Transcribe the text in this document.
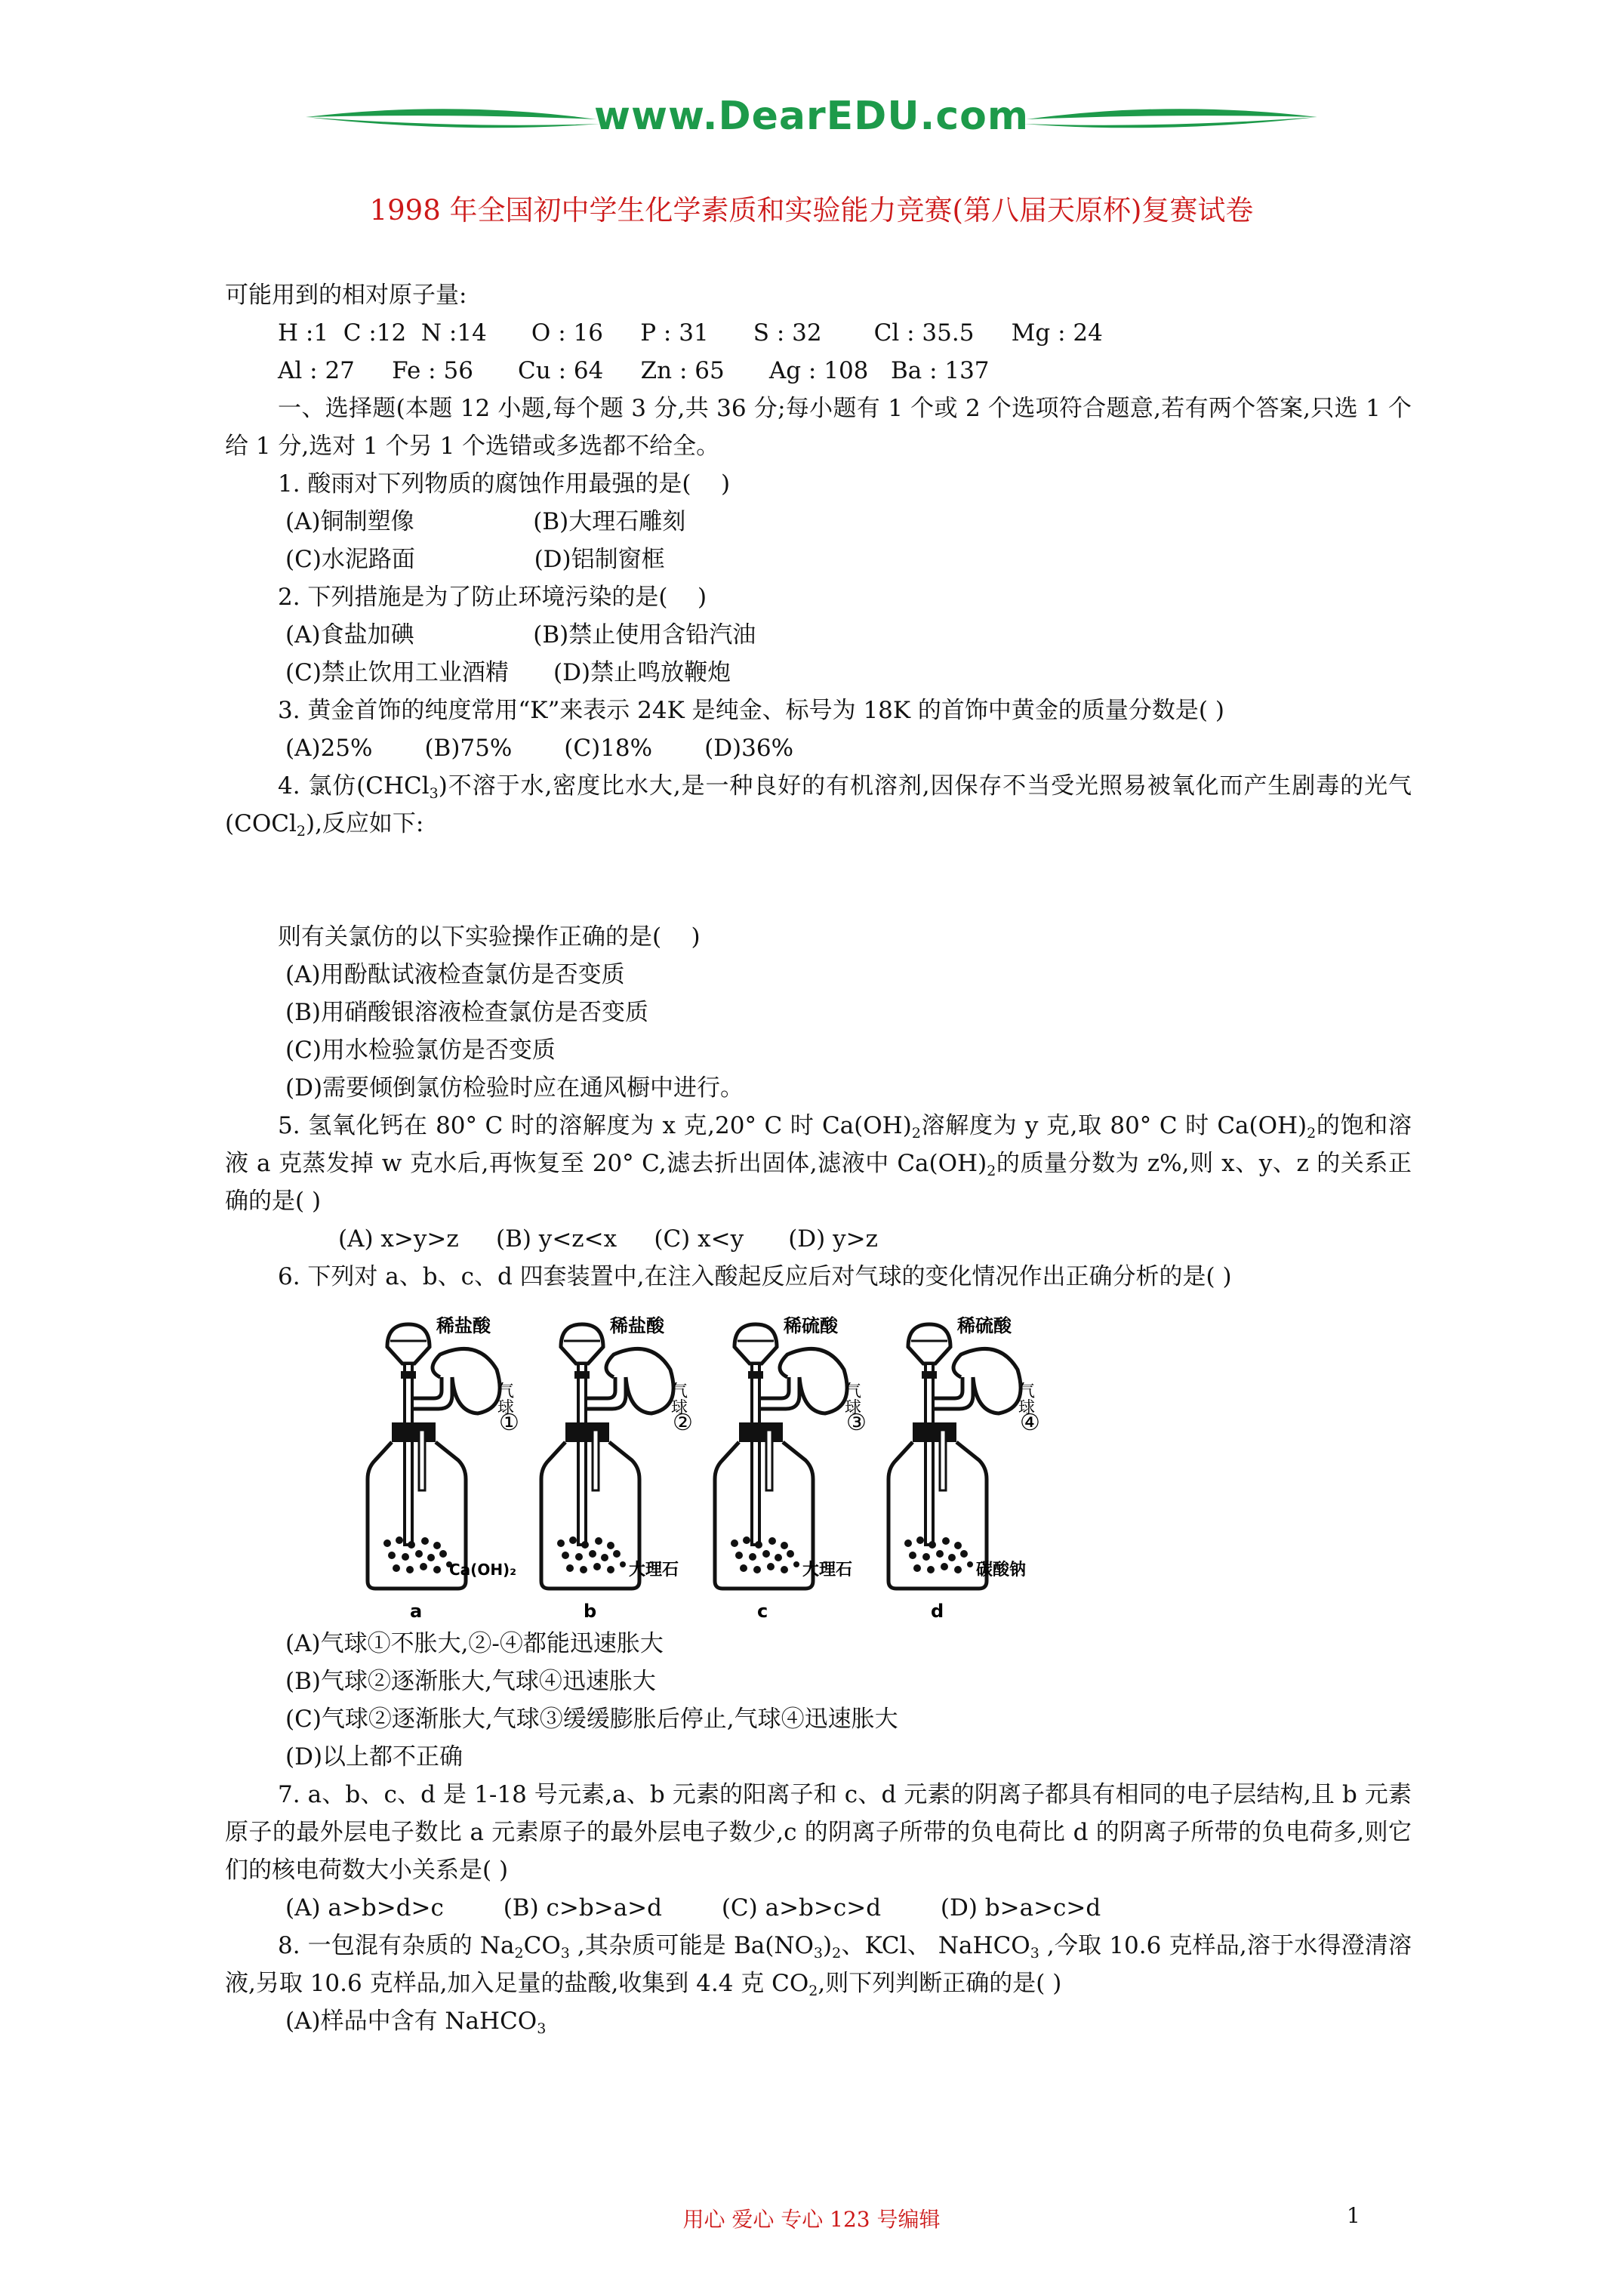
www.DearEDU.com
1998 年全国初中学生化学素质和实验能力竞赛(第八届天原杯)复赛试卷
可能用到的相对原子量:
H :1  C :12  N :14      O : 16     P : 31      S : 32       Cl : 35.5     Mg : 24
Al : 27     Fe : 56      Cu : 64     Zn : 65      Ag : 108   Ba : 137
一、选择题(本题 12 小题,每个题 3 分,共 36 分;每小题有 1 个或 2 个选项符合题意,若有两个答案,只选 1 个给 1 分,选对 1 个另 1 个选错或多选都不给全。
1. 酸雨对下列物质的腐蚀作用最强的是(    )
(A)铜制塑像                (B)大理石雕刻
(C)水泥路面                (D)铝制窗框
2. 下列措施是为了防止环境污染的是(    )
(A)食盐加碘                (B)禁止使用含铅汽油
(C)禁止饮用工业酒精      (D)禁止鸣放鞭炮
3. 黄金首饰的纯度常用“K”来表示 24K 是纯金、标号为 18K 的首饰中黄金的质量分数是( )
(A)25%       (B)75%       (C)18%       (D)36%
4. 氯仿(CHCl$_3$)不溶于水,密度比水大,是一种良好的有机溶剂,因保存不当受光照易被氧化而产生剧毒的光气(COCl$_2$),反应如下:
则有关氯仿的以下实验操作正确的是(    )
(A)用酚酞试液检查氯仿是否变质
(B)用硝酸银溶液检查氯仿是否变质
(C)用水检验氯仿是否变质
(D)需要倾倒氯仿检验时应在通风橱中进行。
5. 氢氧化钙在 80° C 时的溶解度为 x 克,20° C 时 $Ca(OH)_2$溶解度为 y 克,取 80° C 时 $Ca(OH)_2$的饱和溶液 a 克蒸发掉 w 克水后,再恢复至 20° C,滤去折出固体,滤液中 $Ca(OH)_2$的质量分数为 z%,则 x、y、z 的关系正确的是( )
(A) x>y>z     (B) y<z<x     (C) x<y      (D) y>z
6. 下列对 a、b、c、d 四套装置中,在注入酸起反应后对气球的变化情况作出正确分析的是( )
稀盐酸
气球
①
Ca(OH)₂
a
稀盐酸
气球
②
大理石
b
稀硫酸
气球
③
大理石
c
稀硫酸
气球
④
碳酸钠
d
(A)气球①不胀大,②-④都能迅速胀大
(B)气球②逐渐胀大,气球④迅速胀大
(C)气球②逐渐胀大,气球③缓缓膨胀后停止,气球④迅速胀大
(D)以上都不正确
7. a、b、c、d 是 1-18 号元素,a、b 元素的阳离子和 c、d 元素的阴离子都具有相同的电子层结构,且 b 元素原子的最外层电子数比 a 元素原子的最外层电子数少,c 的阴离子所带的负电荷比 d 的阴离子所带的负电荷多,则它们的核电荷数大小关系是( )
(A) a>b>d>c        (B) c>b>a>d        (C) a>b>c>d        (D) b>a>c>d
8. 一包混有杂质的 $Na_2CO_3$ ,其杂质可能是 $Ba(NO_3)_2$、KCl、 NaHCO$_3$ ,今取 10.6 克样品,溶于水得澄清溶液,另取 10.6 克样品,加入足量的盐酸,收集到 4.4 克 $CO_2$,则下列判断正确的是( )
(A)样品中含有 NaHCO$_3$
用心 爱心 专心 123 号编辑	1
